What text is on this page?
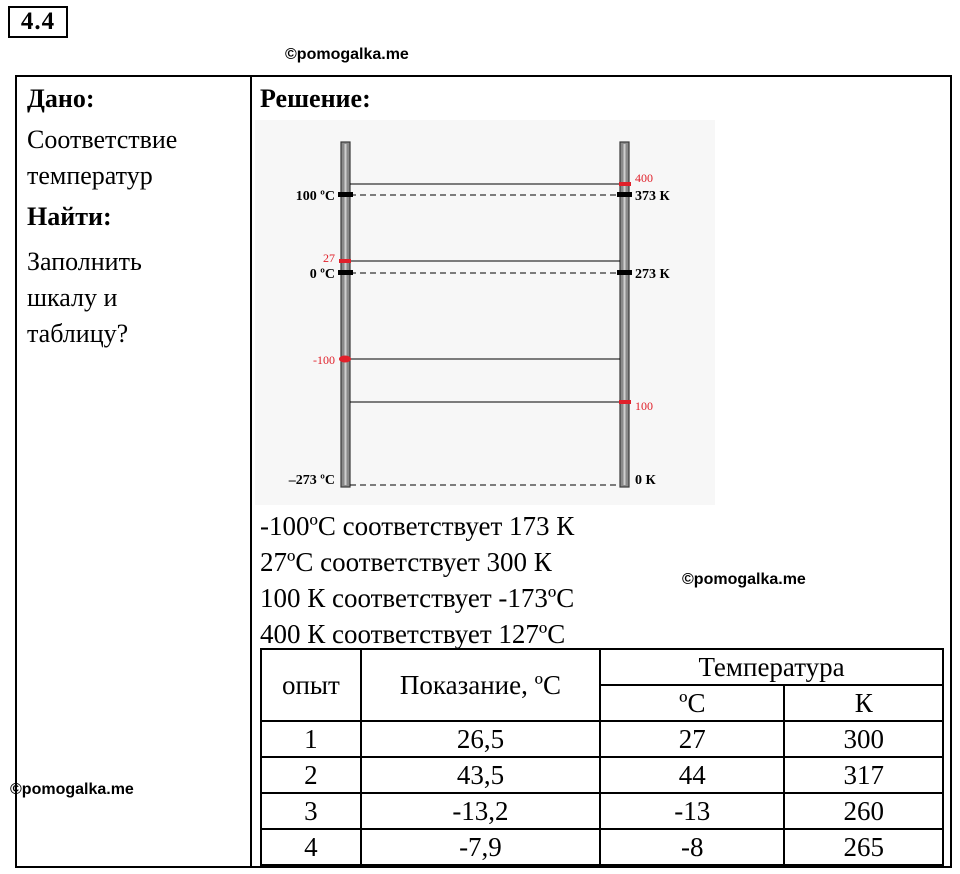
4.4
©pomogalka.me
Дано:
Соответствие
температур
Найти:
Заполнить
шкалу и
таблицу?
Решение:
100 ºC
0 ºC
–273 ºC
27
-100
373 К
273 К
0 К
400
100
-100ºС соответствует 173 К
27ºС соответствует 300 К
100 К соответствует -173ºС
400 К соответствует 127ºС
©pomogalka.me
©pomogalka.me
опыт	Показание, ºС	Температура	
		ºС	К
1	26,5	27	300
2	43,5	44	317
3	-13,2	-13	260
4	-7,9	-8	265
